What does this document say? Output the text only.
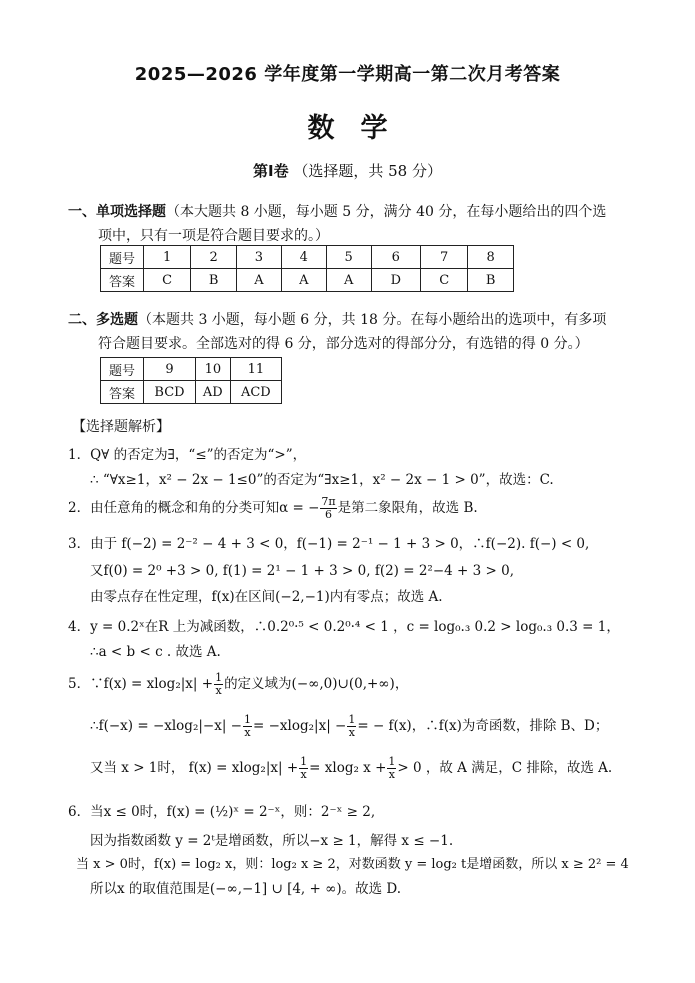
2025—2026 学年度第一学期高一第二次月考答案
数学
第Ⅰ卷 （选择题，共 58 分）
一、单项选择题（本大题共 8 小题，每小题 5 分，满分 40 分，在每小题给出的四个选
项中，只有一项是符合题目要求的。）
题号	1	2	3	4	5	6	7	8
答案	C	B	A	A	A	D	C	B
二、多选题（本题共 3 小题，每小题 6 分，共 18 分。在每小题给出的选项中，有多项
符合题目要求。全部选对的得 6 分，部分选对的得部分分，有选错的得 0 分。）
题号	9	10	11
答案	BCD	AD	ACD
【选择题解析】
1．Q∀ 的否定为∃，“≤”的否定为“>”，
∴ “∀x≥1，x² − 2x − 1≤0”的否定为“∃x≥1，x² − 2x − 1 > 0”，故选：C.
2．由任意角的概念和角的分类可知α = − $\frac{7\pi}{6}$ 是第二象限角，故选 B.
3．由于 f(−2) = 2⁻² − 4 + 3 < 0，f(−1) = 2⁻¹ − 1 + 3 > 0，∴f(−2). f(−) < 0,
又f(0) = 2⁰ +3 > 0, f(1) = 2¹ − 1 + 3 > 0, f(2) = 2²−4 + 3 > 0,
由零点存在性定理，f(x)在区间(−2,−1)内有零点；故选 A.
4．y = 0.2ˣ在R 上为减函数，∴0.2⁰·⁵ < 0.2⁰·⁴ < 1 ，c = log₀.₃ 0.2 > log₀.₃ 0.3 = 1，
∴a < b < c . 故选 A.
5．∵f(x) = $xlog_2|x| + \frac{1}{x}$ 的定义域为(−∞,0)∪(0,+∞)，
∴f(−x) = $-xlog_2|-x| - \frac{1}{x} = -xlog_2|x| - \frac{1}{x}$ = − f(x)，∴f(x)为奇函数，排除 B、D；
又当 x > 1时， $f(x) = xlog_2|x| + \frac{1}{x} = xlog_2$ $x + \frac{1}{x} > 0$ ，故 A 满足，C 排除，故选 A.
6．当x ≤ 0时，f(x) = (½)ˣ = 2⁻ˣ，则：2⁻ˣ ≥ 2,
因为指数函数 y = 2ᵗ是增函数，所以−x ≥ 1，解得 x ≤ −1.
当 x > 0时，f(x) = log₂ x，则：log₂ x ≥ 2，对数函数 y = log₂ t是增函数，所以 x ≥ 2² = 4
所以x 的取值范围是(−∞,−1] ∪ [4, + ∞)。故选 D.
